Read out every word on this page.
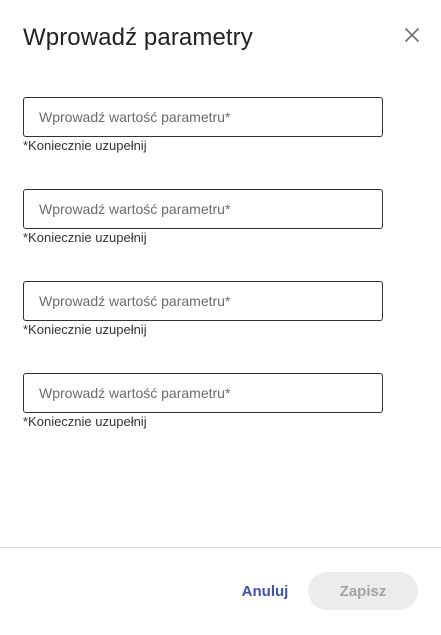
Wprowadź parametry
Wprowadź wartość parametru*
*Koniecznie uzupełnij
Wprowadź wartość parametru*
*Koniecznie uzupełnij
Wprowadź wartość parametru*
*Koniecznie uzupełnij
Wprowadź wartość parametru*
*Koniecznie uzupełnij
Anuluj	Zapisz
